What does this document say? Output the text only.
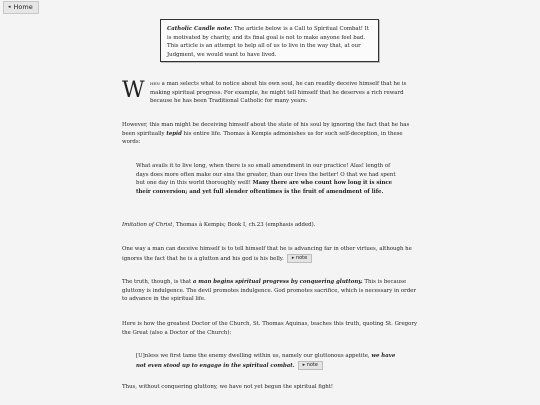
◂ Home
Catholic Candle note: The article below is a Call to Spiritual Combat! It is motivated by charity, and its final goal is not to make anyone feel bad. This article is an attempt to help all of us to live in the way that, at our Judgment, we would want to have lived.
W hen a man selects what to notice about his own soul, he can readily deceive himself that he is making spiritual progress. For example, he might tell himself that he deserves a rich reward because he has been Traditional Catholic for many years.
However, this man might be deceiving himself about the state of his soul by ignoring the fact that he has been spiritually tepid his entire life. Thomas à Kempis admonishes us for such self-deception, in these words:
What avails it to live long, when there is so small amendment in our practice! Alas! length of days does more often make our sins the greater, than our lives the better! O that we had spent but one day in this world thoroughly well! Many there are who count how long it is since their conversion; and yet full slender oftentimes is the fruit of amendment of life.
Imitation of Christ, Thomas à Kempis; Book I, ch.23 (emphasis added).
One way a man can deceive himself is to tell himself that he is advancing far in other virtues, although he ignores the fact that he is a glutton and his god is his belly. ▸ note
The truth, though, is that a man begins spiritual progress by conquering gluttony. This is because gluttony is indulgence. The devil promotes indulgence. God promotes sacrifice, which is necessary in order to advance in the spiritual life.
Here is how the greatest Doctor of the Church, St. Thomas Aquinas, teaches this truth, quoting St. Gregory the Great (also a Doctor of the Church):
[U]nless we first tame the enemy dwelling within us, namely our gluttonous appetite, we have not even stood up to engage in the spiritual combat. ▸ note
Thus, without conquering gluttony, we have not yet begun the spiritual fight!
